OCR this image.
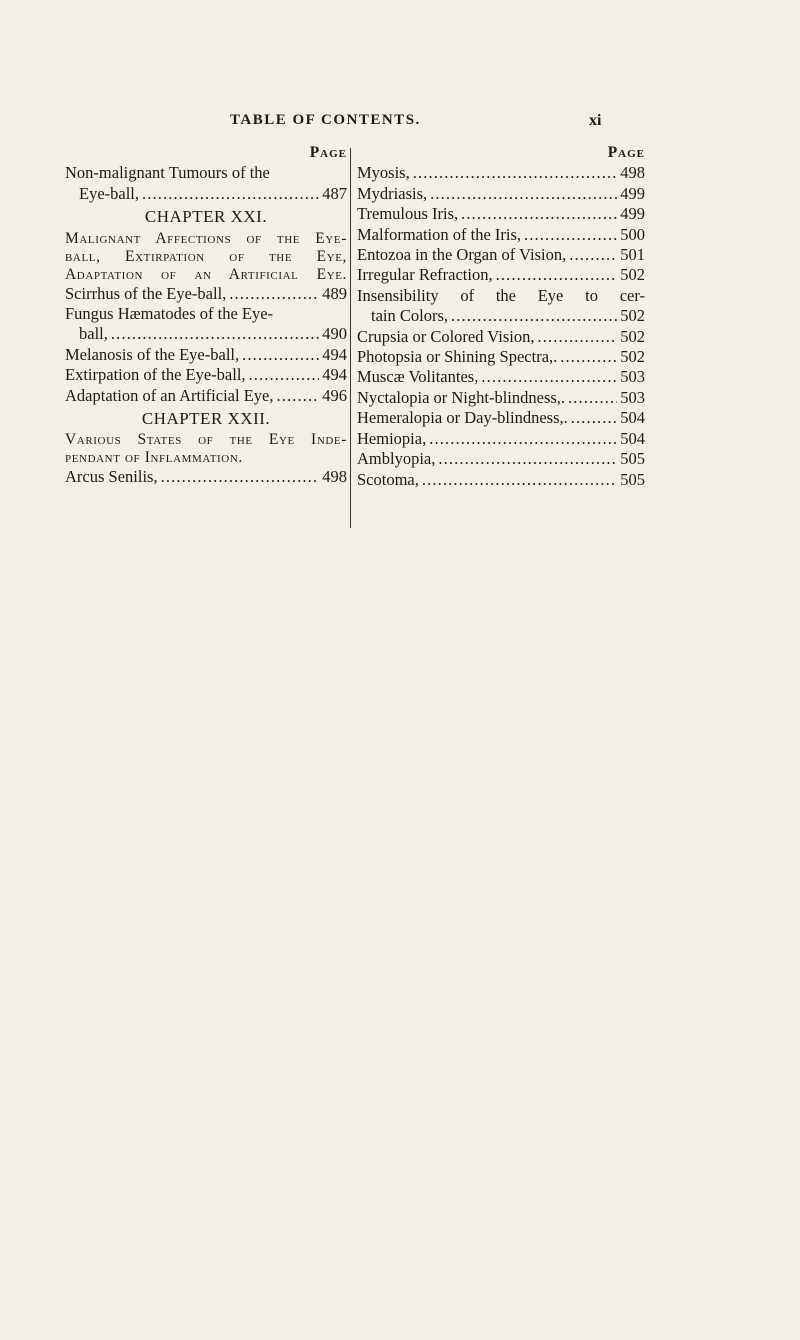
TABLE OF CONTENTS.	xi
Page
Non-malignant Tumours of the
Eye-ball, . . .	487
CHAPTER XXI.
Malignant Affections of the Eye-
ball, Extirpation of the Eye,
Adaptation of an Artificial Eye.
Scirrhus of the Eye-ball, . . .	489
Fungus Hæmatodes of the Eye-
ball, . . .	490
Melanosis of the Eye-ball, . . .	494
Extirpation of the Eye-ball, . . .	494
Adaptation of an Artificial Eye, . . .	496
CHAPTER XXII.
Various States of the Eye Inde-
pendant of Inflammation.
Arcus Senilis, . . .	498
Page
Myosis, . . .	498
Mydriasis, . . .	499
Tremulous Iris, . . .	499
Malformation of the Iris, . . .	500
Entozoa in the Organ of Vision, . . .	501
Irregular Refraction, . . .	502
Insensibility of the Eye to cer-
tain Colors, . . .	502
Crupsia or Colored Vision, . . .	502
Photopsia or Shining Spectra,. . . .	502
Muscæ Volitantes, . . .	503
Nyctalopia or Night-blindness,. . . .	503
Hemeralopia or Day-blindness,. . . .	504
Hemiopia, . . .	504
Amblyopia, . . .	505
Scotoma, . . .	505
